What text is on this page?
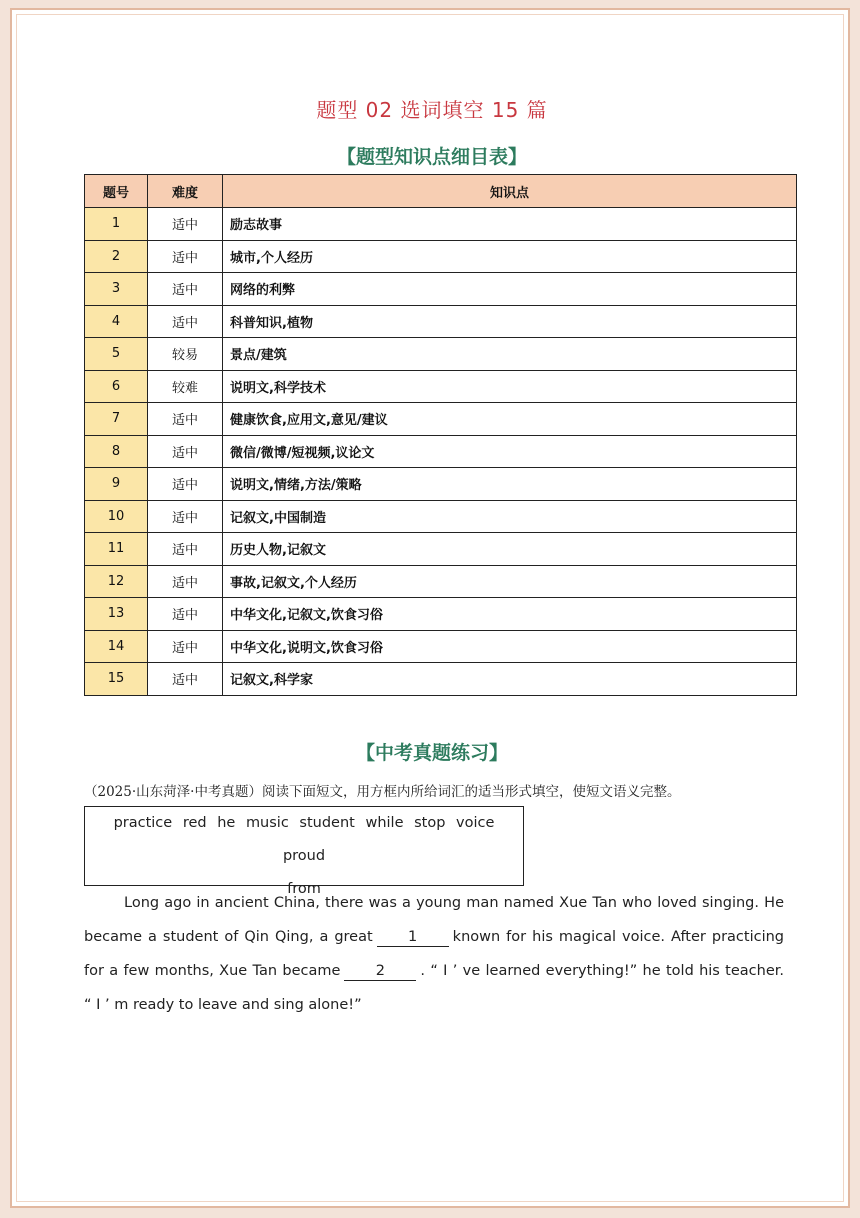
题型 02 选词填空 15 篇
【题型知识点细目表】
题号	难度	知识点
1	适中	励志故事
2	适中	城市,个人经历
3	适中	网络的利弊
4	适中	科普知识,植物
5	较易	景点/建筑
6	较难	说明文,科学技术
7	适中	健康饮食,应用文,意见/建议
8	适中	微信/微博/短视频,议论文
9	适中	说明文,情绪,方法/策略
10	适中	记叙文,中国制造
11	适中	历史人物,记叙文
12	适中	事故,记叙文,个人经历
13	适中	中华文化,记叙文,饮食习俗
14	适中	中华文化,说明文,饮食习俗
15	适中	记叙文,科学家
【中考真题练习】
（2025·山东菏泽·中考真题）阅读下面短文，用方框内所给词汇的适当形式填空，使短文语义完整。
practice red he music student while stop voice proud
from

Long ago in ancient China, there was a young man named Xue Tan who loved singing. He became a student of Qin Qing, a great 1 known for his magical voice. After practicing for a few months, Xue Tan became 2 . “ I ’ ve learned everything!” he told his teacher. “ I ’ m ready to leave and sing alone!”
